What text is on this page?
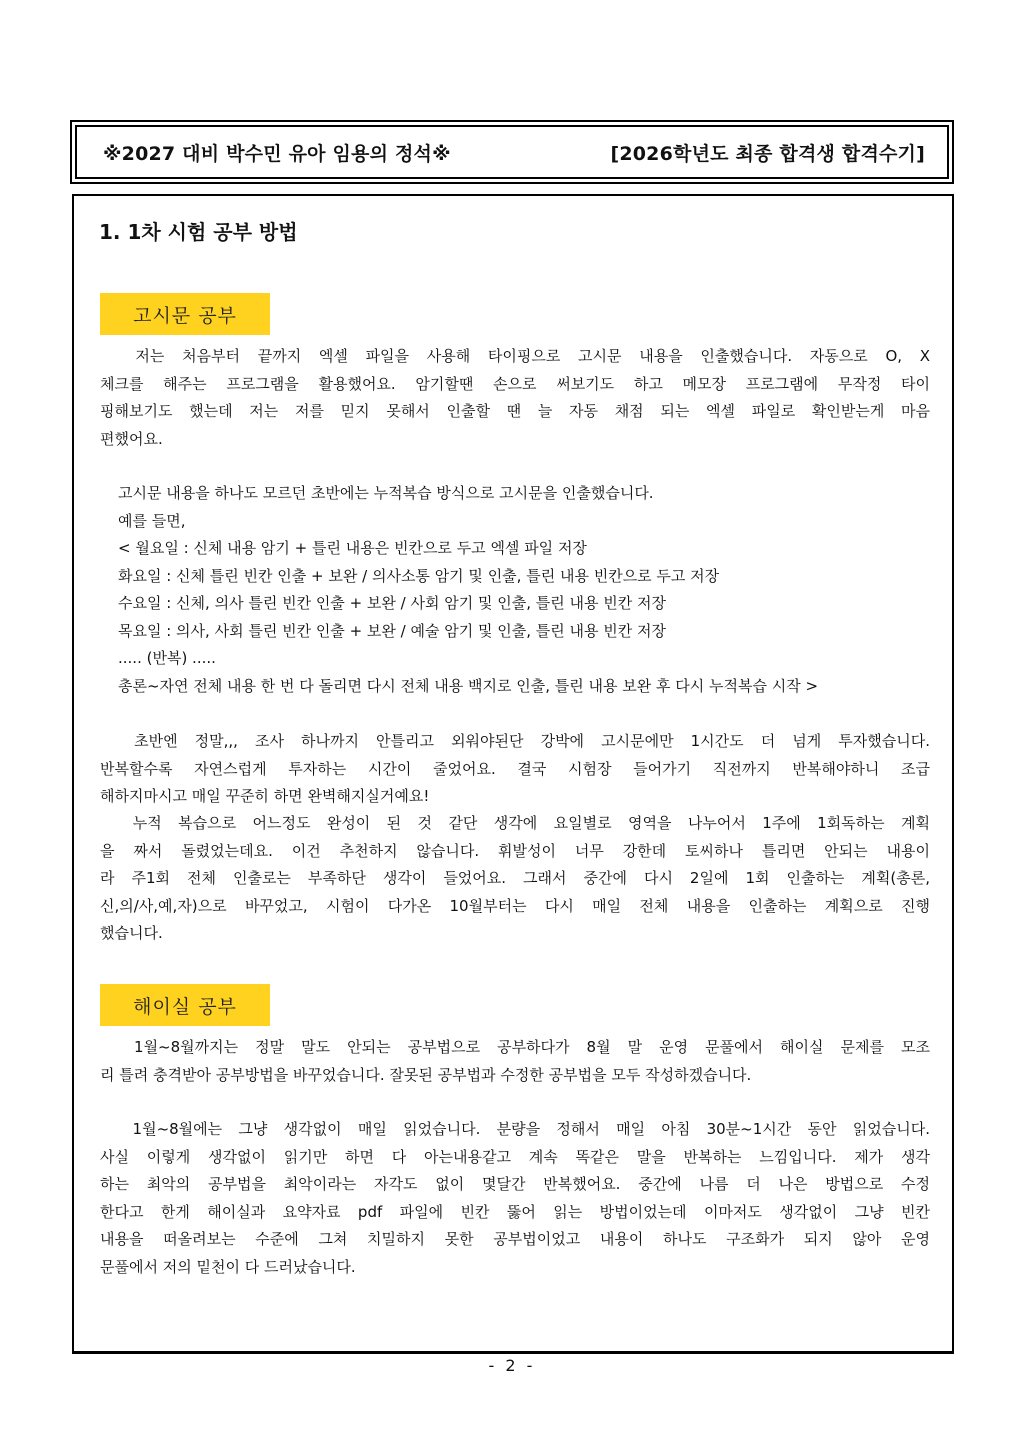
※2027 대비 박수민 유아 임용의 정석※	[2026학년도 최종 합격생 합격수기]
1. 1차 시험 공부 방법
고시문 공부
저는 처음부터 끝까지 엑셀 파일을 사용해 타이핑으로 고시문 내용을 인출했습니다. 자동으로 O, X
체크를 해주는 프로그램을 활용했어요. 암기할땐 손으로 써보기도 하고 메모장 프로그램에 무작정 타이
핑해보기도 했는데 저는 저를 믿지 못해서 인출할 땐 늘 자동 채점 되는 엑셀 파일로 확인받는게 마음
편했어요.
고시문 내용을 하나도 모르던 초반에는 누적복습 방식으로 고시문을 인출했습니다.
예를 들면,
< 월요일 : 신체 내용 암기 + 틀린 내용은 빈칸으로 두고 엑셀 파일 저장
화요일 : 신체 틀린 빈칸 인출 + 보완 / 의사소통 암기 및 인출, 틀린 내용 빈칸으로 두고 저장
수요일 : 신체, 의사 틀린 빈칸 인출 + 보완 / 사회 암기 및 인출, 틀린 내용 빈칸 저장
목요일 : 의사, 사회 틀린 빈칸 인출 + 보완 / 예술 암기 및 인출, 틀린 내용 빈칸 저장
..... (반복) .....
총론~자연 전체 내용 한 번 다 돌리면 다시 전체 내용 백지로 인출, 틀린 내용 보완 후 다시 누적복습 시작 >
초반엔 정말,,, 조사 하나까지 안틀리고 외워야된단 강박에 고시문에만 1시간도 더 넘게 투자했습니다.
반복할수록 자연스럽게 투자하는 시간이 줄었어요. 결국 시험장 들어가기 직전까지 반복해야하니 조급
해하지마시고 매일 꾸준히 하면 완벽해지실거예요!
누적 복습으로 어느정도 완성이 된 것 같단 생각에 요일별로 영역을 나누어서 1주에 1회독하는 계획
을 짜서 돌렸었는데요. 이건 추천하지 않습니다. 휘발성이 너무 강한데 토씨하나 틀리면 안되는 내용이
라 주1회 전체 인출로는 부족하단 생각이 들었어요. 그래서 중간에 다시 2일에 1회 인출하는 계획(총론,
신,의/사,예,자)으로 바꾸었고, 시험이 다가온 10월부터는 다시 매일 전체 내용을 인출하는 계획으로 진행
했습니다.
해이실 공부
1월~8월까지는 정말 말도 안되는 공부법으로 공부하다가 8월 말 운영 문풀에서 해이실 문제를 모조
리 틀려 충격받아 공부방법을 바꾸었습니다. 잘못된 공부법과 수정한 공부법을 모두 작성하겠습니다.
1월~8월에는 그냥 생각없이 매일 읽었습니다. 분량을 정해서 매일 아침 30분~1시간 동안 읽었습니다.
사실 이렇게 생각없이 읽기만 하면 다 아는내용같고 계속 똑같은 말을 반복하는 느낌입니다. 제가 생각
하는 최악의 공부법을 최악이라는 자각도 없이 몇달간 반복했어요. 중간에 나름 더 나은 방법으로 수정
한다고 한게 해이실과 요약자료 pdf 파일에 빈칸 뚫어 읽는 방법이었는데 이마저도 생각없이 그냥 빈칸
내용을 떠올려보는 수준에 그쳐 치밀하지 못한 공부법이었고 내용이 하나도 구조화가 되지 않아 운영
문풀에서 저의 밑천이 다 드러났습니다.
- 2 -
